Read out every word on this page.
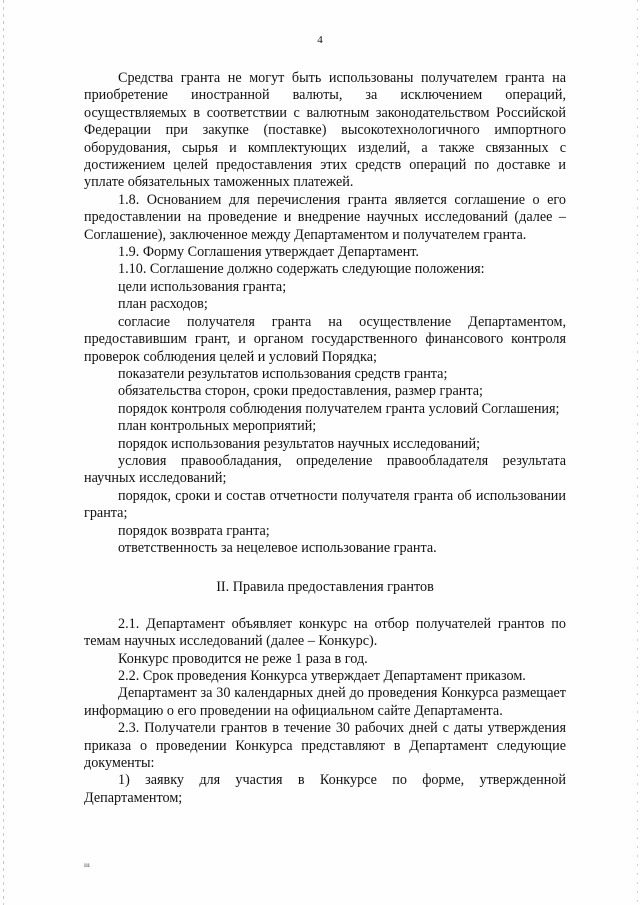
4

Средства гранта не могут быть использованы получателем гранта на приобретение иностранной валюты, за исключением операций, осуществляемых в соответствии с валютным законодательством Российской Федерации при закупке (поставке) высокотехнологичного импортного оборудования, сырья и комплектующих изделий, а также связанных с достижением целей предоставления этих средств операций по доставке и уплате обязательных таможенных платежей.

1.8. Основанием для перечисления гранта является соглашение о его предоставлении на проведение и внедрение научных исследований (далее – Соглашение), заключенное между Департаментом и получателем гранта.

1.9. Форму Соглашения утверждает Департамент.

1.10. Соглашение должно содержать следующие положения:

цели использования гранта;

план расходов;

согласие получателя гранта на осуществление Департаментом, предоставившим грант, и органом государственного финансового контроля проверок соблюдения целей и условий Порядка;

показатели результатов использования средств гранта;

обязательства сторон, сроки предоставления, размер гранта;

порядок контроля соблюдения получателем гранта условий Соглашения;

план контрольных мероприятий;

порядок использования результатов научных исследований;

условия правообладания, определение правообладателя результата научных исследований;

порядок, сроки и состав отчетности получателя гранта об использовании гранта;

порядок возврата гранта;

ответственность за нецелевое использование гранта.

II. Правила предоставления грантов

2.1. Департамент объявляет конкурс на отбор получателей грантов по темам научных исследований (далее – Конкурс).

Конкурс проводится не реже 1 раза в год.

2.2. Срок проведения Конкурса утверждает Департамент приказом.

Департамент за 30 календарных дней до проведения Конкурса размещает информацию о его проведении на официальном сайте Департамента.

2.3. Получатели грантов в течение 30 рабочих дней с даты утверждения приказа о проведении Конкурса представляют в Департамент следующие документы:

1) заявку для участия в Конкурсе по форме, утвержденной Департаментом;

ııı
